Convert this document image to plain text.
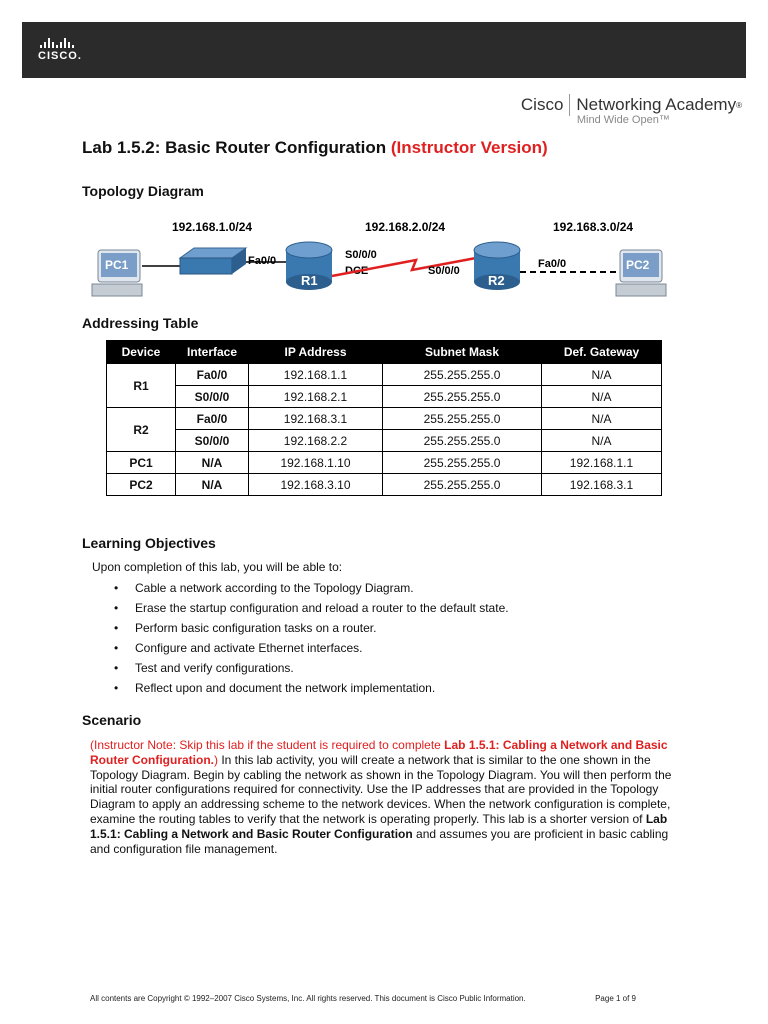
CISCO.
Cisco Networking Academy ®
Mind Wide Open™
Lab 1.5.2: Basic Router Configuration (Instructor Version)
Topology Diagram
192.168.1.0/24	192.168.2.0/24	192.168.3.0/24
PC1	Fa0/0
R1
S0/0/0
DCE	S0/0/0
R2
Fa0/0	PC2
Addressing Table
Device	Interface	IP Address	Subnet Mask	Def. Gateway
R1	Fa0/0	192.168.1.1	255.255.255.0	N/A
	S0/0/0	192.168.2.1	255.255.255.0	N/A
R2	Fa0/0	192.168.3.1	255.255.255.0	N/A
	S0/0/0	192.168.2.2	255.255.255.0	N/A
PC1	N/A	192.168.1.10	255.255.255.0	192.168.1.1
PC2	N/A	192.168.3.10	255.255.255.0	192.168.3.1
Learning Objectives
Upon completion of this lab, you will be able to:
• Cable a network according to the Topology Diagram.
• Erase the startup configuration and reload a router to the default state.
• Perform basic configuration tasks on a router.
• Configure and activate Ethernet interfaces.
• Test and verify configurations.
• Reflect upon and document the network implementation.
Scenario
(Instructor Note: Skip this lab if the student is required to complete Lab 1.5.1: Cabling a Network and Basic Router Configuration.) In this lab activity, you will create a network that is similar to the one shown in the Topology Diagram. Begin by cabling the network as shown in the Topology Diagram. You will then perform the initial router configurations required for connectivity. Use the IP addresses that are provided in the Topology Diagram to apply an addressing scheme to the network devices. When the network configuration is complete, examine the routing tables to verify that the network is operating properly. This lab is a shorter version of Lab 1.5.1: Cabling a Network and Basic Router Configuration and assumes you are proficient in basic cabling and configuration file management.
All contents are Copyright © 1992–2007 Cisco Systems, Inc. All rights reserved. This document is Cisco Public Information.	Page 1 of 9
